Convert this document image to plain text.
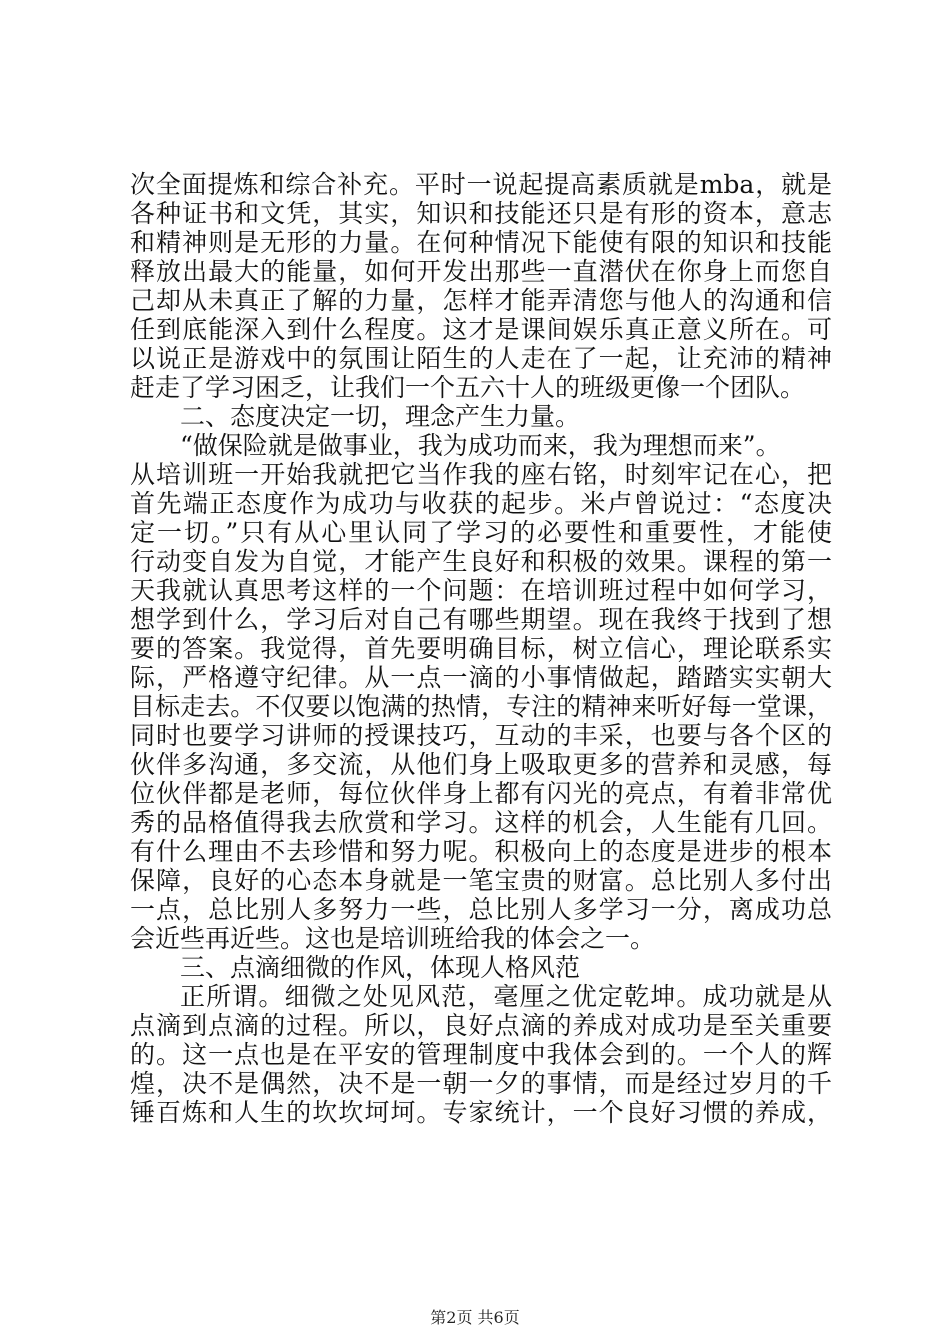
次全面提炼和综合补充。平时一说起提高素质就是mba，就是
各种证书和文凭，其实，知识和技能还只是有形的资本，意志
和精神则是无形的力量。在何种情况下能使有限的知识和技能
释放出最大的能量，如何开发出那些一直潜伏在你身上而您自
己却从未真正了解的力量，怎样才能弄清您与他人的沟通和信
任到底能深入到什么程度。这才是课间娱乐真正意义所在。可
以说正是游戏中的氛围让陌生的人走在了一起，让充沛的精神
赶走了学习困乏，让我们一个五六十人的班级更像一个团队。
二、态度决定一切，理念产生力量。
“做保险就是做事业，我为成功而来，我为理想而来”。
从培训班一开始我就把它当作我的座右铭，时刻牢记在心，把
首先端正态度作为成功与收获的起步。米卢曾说过：“态度决
定一切。”只有从心里认同了学习的必要性和重要性，才能使
行动变自发为自觉，才能产生良好和积极的效果。课程的第一
天我就认真思考这样的一个问题：在培训班过程中如何学习，
想学到什么，学习后对自己有哪些期望。现在我终于找到了想
要的答案。我觉得，首先要明确目标，树立信心，理论联系实
际，严格遵守纪律。从一点一滴的小事情做起，踏踏实实朝大
目标走去。不仅要以饱满的热情，专注的精神来听好每一堂课，
同时也要学习讲师的授课技巧，互动的丰采，也要与各个区的
伙伴多沟通，多交流，从他们身上吸取更多的营养和灵感，每
位伙伴都是老师，每位伙伴身上都有闪光的亮点，有着非常优
秀的品格值得我去欣赏和学习。这样的机会，人生能有几回。
有什么理由不去珍惜和努力呢。积极向上的态度是进步的根本
保障，良好的心态本身就是一笔宝贵的财富。总比别人多付出
一点，总比别人多努力一些，总比别人多学习一分，离成功总
会近些再近些。这也是培训班给我的体会之一。
三、点滴细微的作风，体现人格风范
正所谓。细微之处见风范，毫厘之优定乾坤。成功就是从
点滴到点滴的过程。所以，良好点滴的养成对成功是至关重要
的。这一点也是在平安的管理制度中我体会到的。一个人的辉
煌，决不是偶然，决不是一朝一夕的事情，而是经过岁月的千
锤百炼和人生的坎坎坷坷。专家统计，一个良好习惯的养成，
第2页 共6页
